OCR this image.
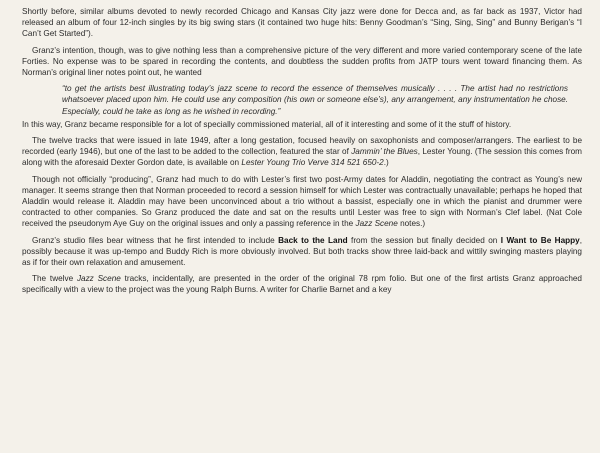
Shortly before, similar albums devoted to newly recorded Chicago and Kansas City jazz were done for Decca and, as far back as 1937, Victor had released an album of four 12-inch singles by its big swing stars (it contained two huge hits: Benny Goodman’s “Sing, Sing, Sing” and Bunny Berigan’s “I Can’t Get Started”).

Granz’s intention, though, was to give nothing less than a comprehensive picture of the very different and more varied contemporary scene of the late Forties. No expense was to be spared in recording the contents, and doubtless the sudden profits from JATP tours went toward financing them. As Norman’s original liner notes point out, he wanted

“to get the artists best illustrating today’s jazz scene to record the essence of themselves musically . . . . The artist had no restrictions whatsoever placed upon him. He could use any composition (his own or someone else’s), any arrangement, any instrumentation he chose. Especially, could he take as long as he wished in recording.”

In this way, Granz became responsible for a lot of specially commissioned material, all of it interesting and some of it the stuff of history.

The twelve tracks that were issued in late 1949, after a long gestation, focused heavily on saxophonists and composer/arrangers. The earliest to be recorded (early 1946), but one of the last to be added to the collection, featured the star of Jammin’ the Blues, Lester Young. (The session this comes from along with the aforesaid Dexter Gordon date, is available on Lester Young Trio Verve 314 521 650-2.)

Though not officially “producing”, Granz had much to do with Lester’s first two post-Army dates for Aladdin, negotiating the contract as Young’s new manager. It seems strange then that Norman proceeded to record a session himself for which Lester was contractually unavailable; perhaps he hoped that Aladdin would release it. Aladdin may have been unconvinced about a trio without a bassist, especially one in which the pianist and drummer were contracted to other companies. So Granz produced the date and sat on the results until Lester was free to sign with Norman’s Clef label. (Nat Cole received the pseudonym Aye Guy on the original issues and only a passing reference in the Jazz Scene notes.)

Granz’s studio files bear witness that he first intended to include Back to the Land from the session but finally decided on I Want to Be Happy, possibly because it was up-tempo and Buddy Rich is more obviously involved. But both tracks show three laid-back and wittily swinging masters playing as if for their own relaxation and amusement.

The twelve Jazz Scene tracks, incidentally, are presented in the order of the original 78 rpm folio. But one of the first artists Granz approached specifically with a view to the project was the young Ralph Burns. A writer for Charlie Barnet and a key
